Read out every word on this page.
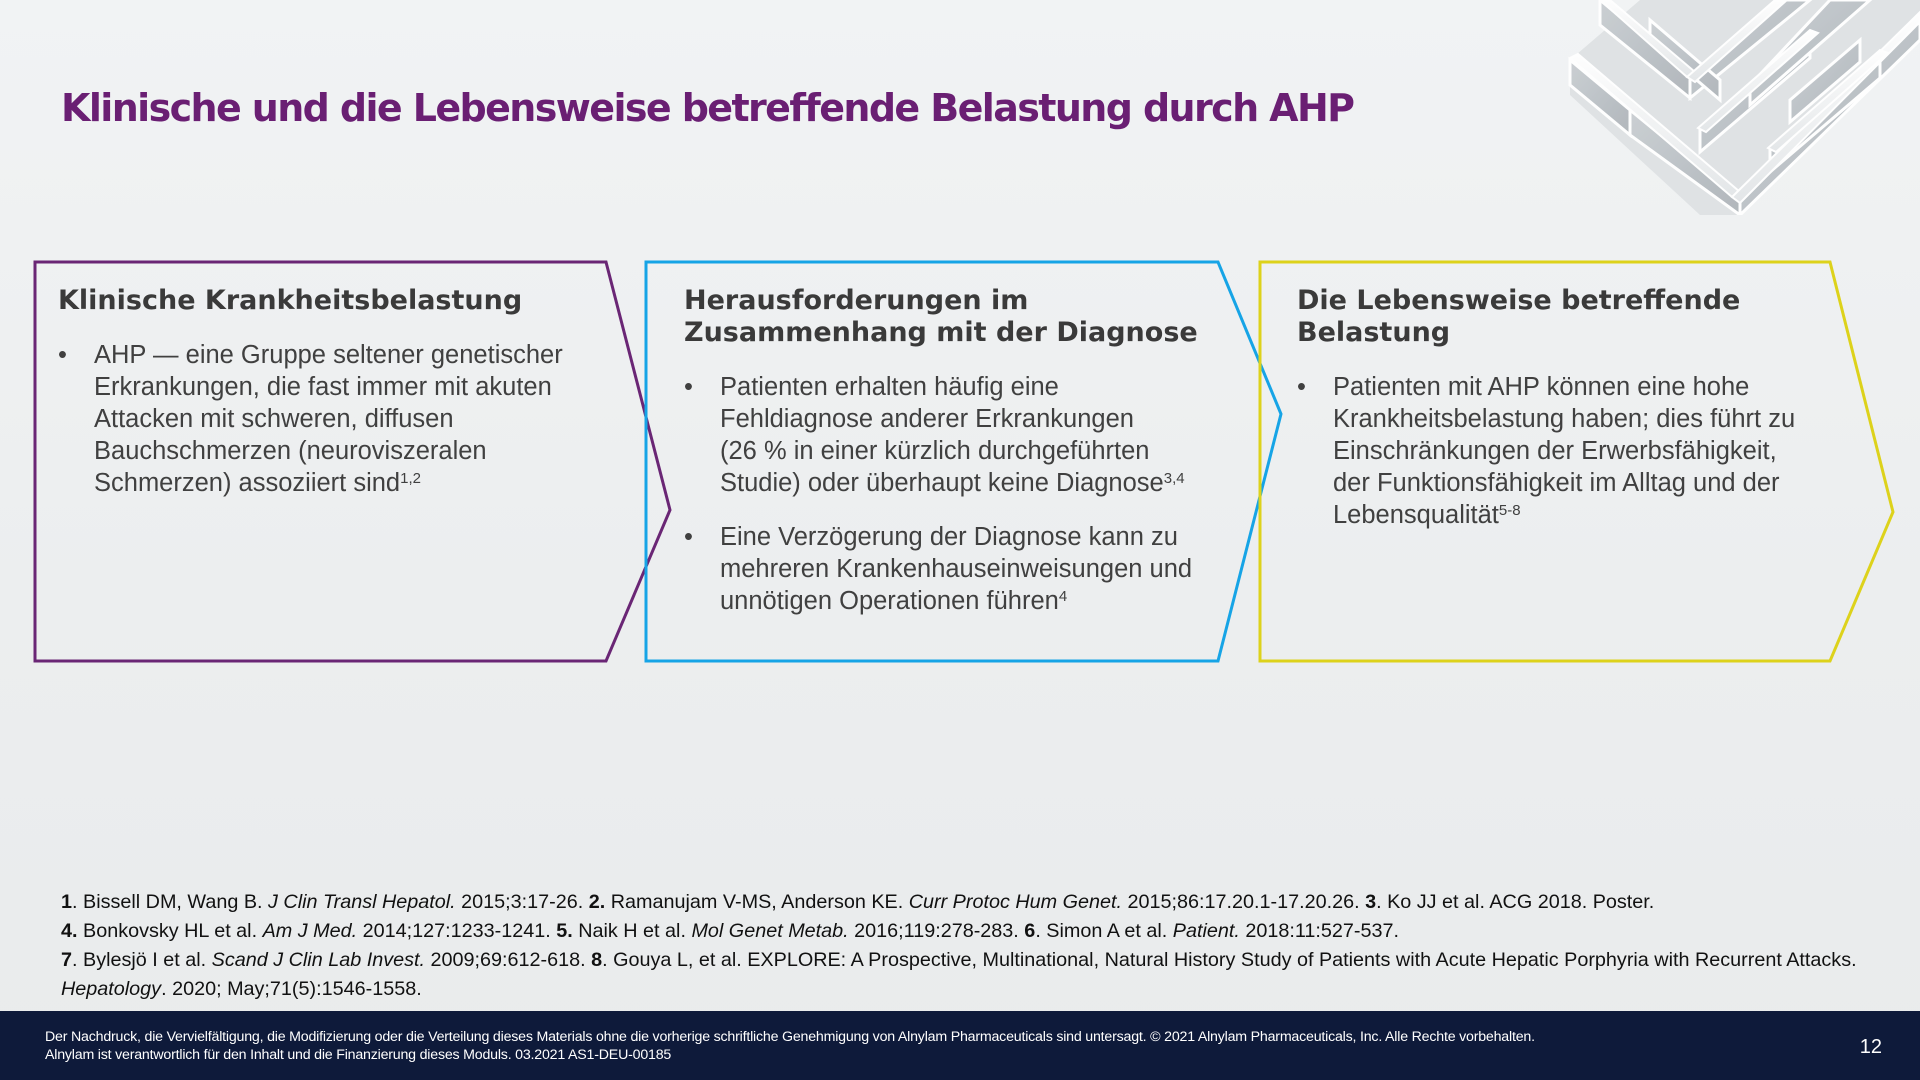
Klinische und die Lebensweise betreffende Belastung durch AHP
Klinische Krankheitsbelastung
• AHP — eine Gruppe seltener genetischer
Erkrankungen, die fast immer mit akuten
Attacken mit schweren, diffusen
Bauchschmerzen (neuroviszeralen
Schmerzen) assoziiert sind$^{1,2}$
Herausforderungen im
Zusammenhang mit der Diagnose
• Patienten erhalten häufig eine
Fehldiagnose anderer Erkrankungen
(26 % in einer kürzlich durchgeführten
Studie) oder überhaupt keine Diagnose$^{3,4}$
• Eine Verzögerung der Diagnose kann zu
mehreren Krankenhauseinweisungen und
unnötigen Operationen führen$^4$
Die Lebensweise betreffende
Belastung
• Patienten mit AHP können eine hohe
Krankheitsbelastung haben; dies führt zu
Einschränkungen der Erwerbsfähigkeit,
der Funktionsfähigkeit im Alltag und der
Lebensqualität$^{5-8}$
1. Bissell DM, Wang B. J Clin Transl Hepatol. 2015;3:17-26. 2. Ramanujam V-MS, Anderson KE. Curr Protoc Hum Genet. 2015;86:17.20.1-17.20.26. 3. Ko JJ et al. ACG 2018. Poster.
4. Bonkovsky HL et al. Am J Med. 2014;127:1233-1241. 5. Naik H et al. Mol Genet Metab. 2016;119:278-283. 6. Simon A et al. Patient. 2018:11:527-537.
7. Bylesjö I et al. Scand J Clin Lab Invest. 2009;69:612-618. 8. Gouya L, et al. EXPLORE: A Prospective, Multinational, Natural History Study of Patients with Acute Hepatic Porphyria with Recurrent Attacks. Hepatology. 2020; May;71(5):1546-1558.
Der Nachdruck, die Vervielfältigung, die Modifizierung oder die Verteilung dieses Materials ohne die vorherige schriftliche Genehmigung von Alnylam Pharmaceuticals sind untersagt. © 2021 Alnylam Pharmaceuticals, Inc. Alle Rechte vorbehalten.
Alnylam ist verantwortlich für den Inhalt und die Finanzierung dieses Moduls. 03.2021 AS1-DEU-00185	12
